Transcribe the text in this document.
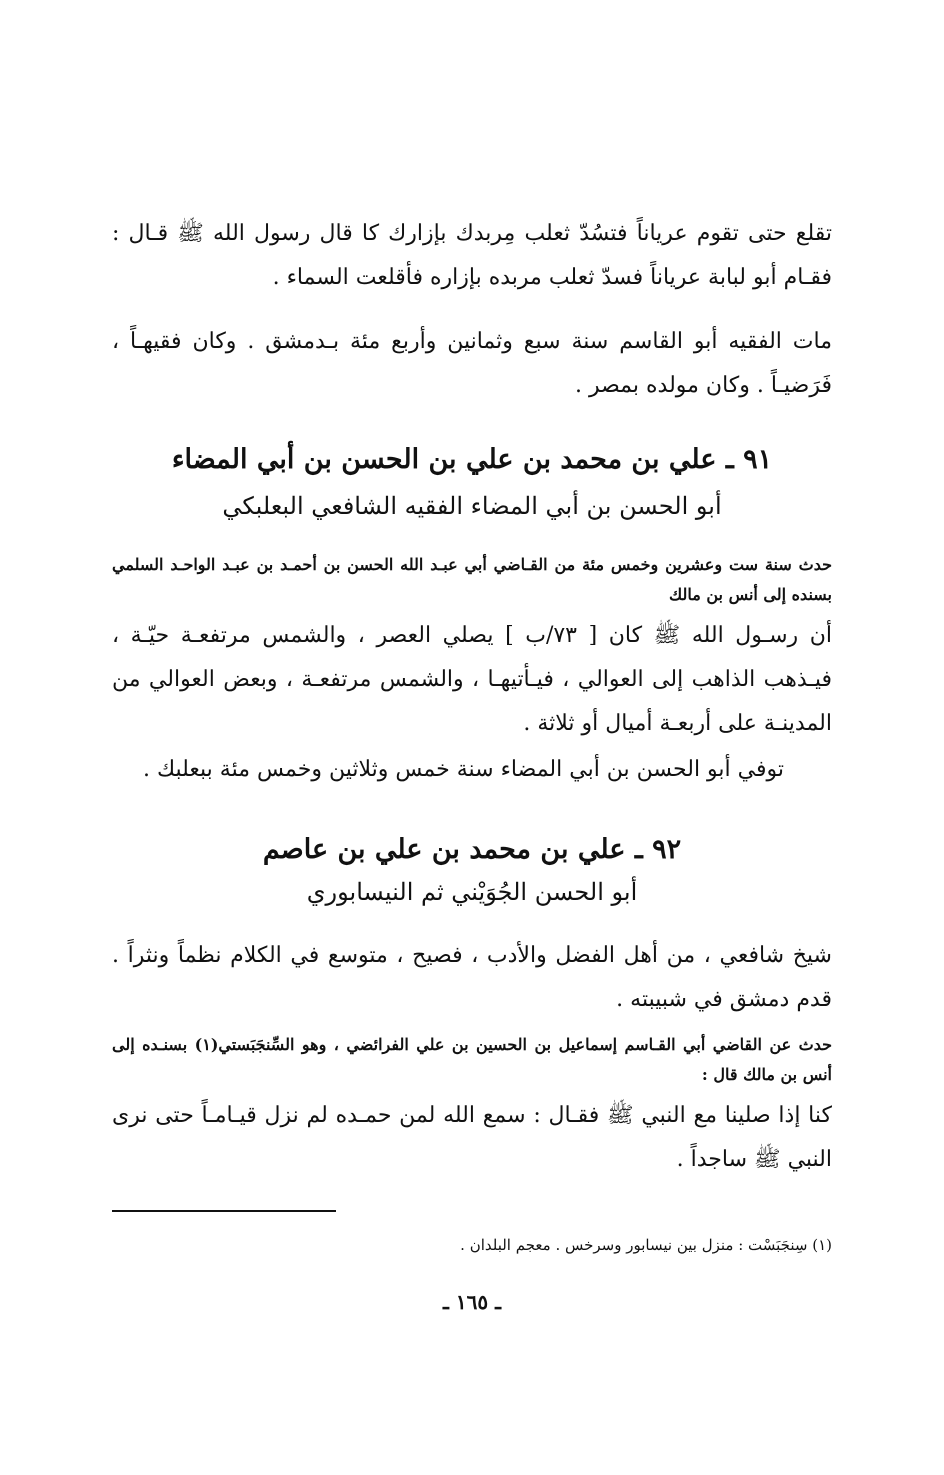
تقلع حتى تقوم عرياناً فتسُدّ ثعلب مِربدك بإزارك كا قال رسول الله ﷺ قـال : فقـام أبو لبابة عرياناً فسدّ ثعلب مربده بإزاره فأقلعت السماء .
مات الفقيه أبو القاسم سنة سبع وثمانين وأربع مئة بـدمشق . وكان فقيهـاً ، فَرَضيـاً . وكان مولده بمصر .
٩١ ـ علي بن محمد بن علي بن الحسن بن أبي المضاء
أبو الحسن بن أبي المضاء الفقيه الشافعي البعلبكي
حدث سنة ست وعشرين وخمس مئة من القـاضي أبي عبـد الله الحسن بن أحمـد بن عبـد الواحـد السلمي بسنده إلى أنس بن مالك
أن رسـول الله ﷺ كان [ ٧٣/ب ] يصلي العصر ، والشمس مرتفعـة حيّـة ، فيـذهب الذاهب إلى العوالي ، فيـأتيهـا ، والشمس مرتفعـة ، وبعض العوالي من المدينـة على أربعـة أميال أو ثلاثة .
توفي أبو الحسن بن أبي المضاء سنة خمس وثلاثين وخمس مئة ببعلبك .
٩٢ ـ علي بن محمد بن علي بن عاصم
أبو الحسن الجُوَيْني ثم النيسابوري
شيخ شافعي ، من أهل الفضل والأدب ، فصيح ، متوسع في الكلام نظماً ونثراً . قدم دمشق في شبيبته .
حدث عن القاضي أبي القـاسم إسماعيل بن الحسين بن علي الفرائضي ، وهو السِّنجَبَستي(١) بسنـده إلى أنس بن مالك قال :
كنا إذا صلينا مع النبي ﷺ فقـال : سمع الله لمن حمـده لم نزل قيـامـاً حتى نرى النبي ﷺ ساجداً .
(١) سِنجَبَسْت : منزل بين نيسابور وسرخس . معجم البلدان .
ـ ١٦٥ ـ
